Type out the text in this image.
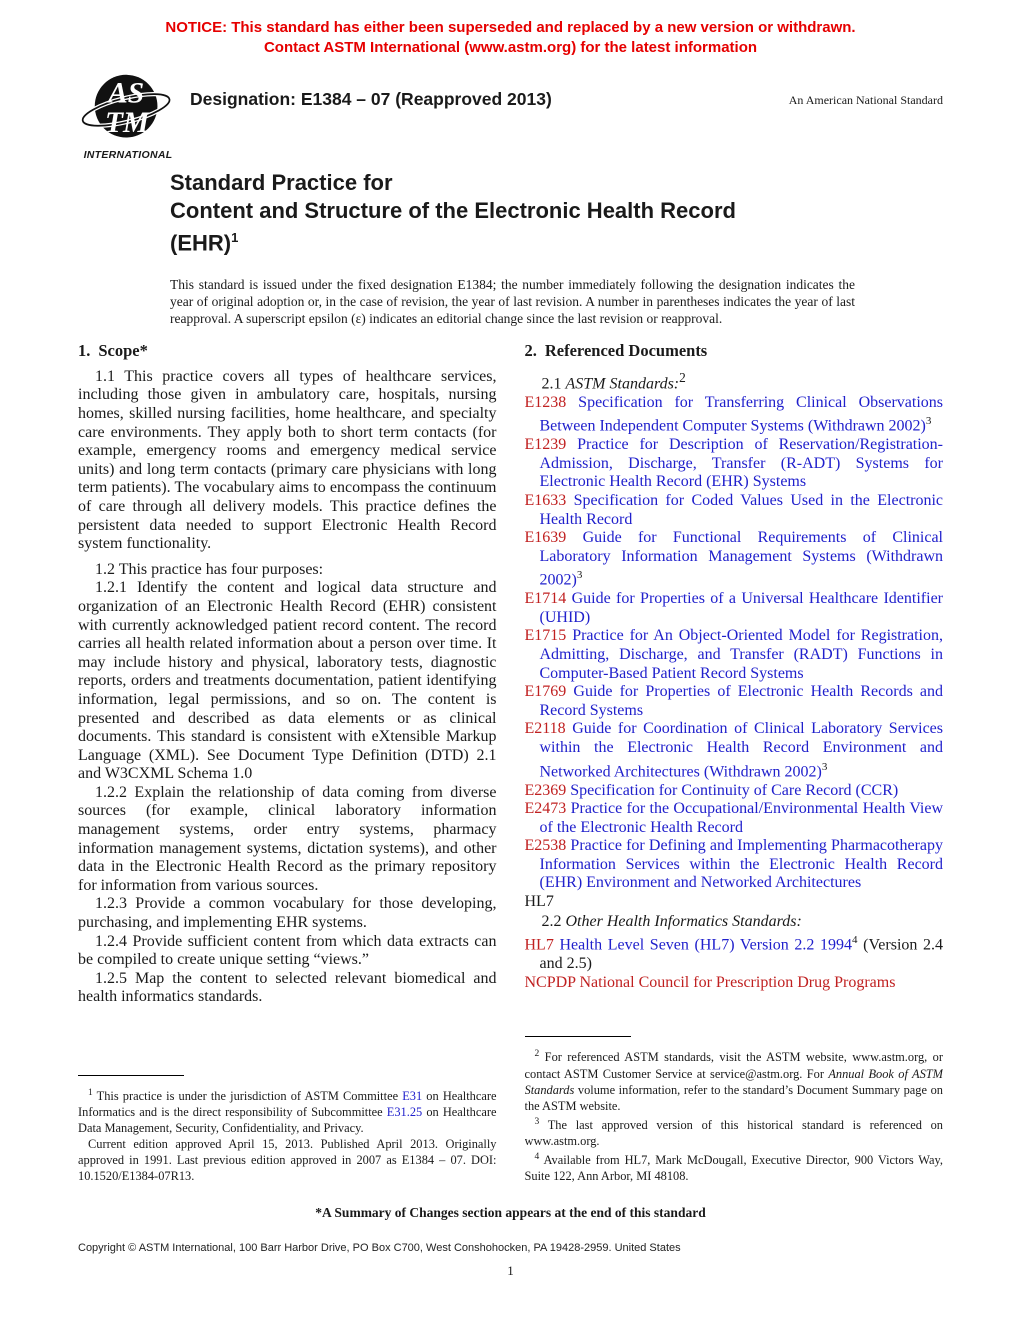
NOTICE: This standard has either been superseded and replaced by a new version or withdrawn.
Contact ASTM International (www.astm.org) for the latest information
AS
TM
INTERNATIONAL
Designation: E1384 – 07 (Reapproved 2013)	An American National Standard
Standard Practice for
Content and Structure of the Electronic Health Record
(EHR)$^1$
This standard is issued under the fixed designation E1384; the number immediately following the designation indicates the year of original adoption or, in the case of revision, the year of last revision. A number in parentheses indicates the year of last reapproval. A superscript epsilon (ε) indicates an editorial change since the last revision or reapproval.
1. Scope*

1.1 This practice covers all types of healthcare services, including those given in ambulatory care, hospitals, nursing homes, skilled nursing facilities, home healthcare, and specialty care environments. They apply both to short term contacts (for example, emergency rooms and emergency medical service units) and long term contacts (primary care physicians with long term patients). The vocabulary aims to encompass the continuum of care through all delivery models. This practice defines the persistent data needed to support Electronic Health Record system functionality.

1.2 This practice has four purposes:

1.2.1 Identify the content and logical data structure and organization of an Electronic Health Record (EHR) consistent with currently acknowledged patient record content. The record carries all health related information about a person over time. It may include history and physical, laboratory tests, diagnostic reports, orders and treatments documentation, patient identifying information, legal permissions, and so on. The content is presented and described as data elements or as clinical documents. This standard is consistent with eXtensible Markup Language (XML). See Document Type Definition (DTD) 2.1 and W3CXML Schema 1.0

1.2.2 Explain the relationship of data coming from diverse sources (for example, clinical laboratory information management systems, order entry systems, pharmacy information management systems, dictation systems), and other data in the Electronic Health Record as the primary repository for information from various sources.

1.2.3 Provide a common vocabulary for those developing, purchasing, and implementing EHR systems.

1.2.4 Provide sufficient content from which data extracts can be compiled to create unique setting “views.”

1.2.5 Map the content to selected relevant biomedical and health informatics standards.

$^1$ This practice is under the jurisdiction of ASTM Committee E31 on Healthcare Informatics and is the direct responsibility of Subcommittee E31.25 on Healthcare Data Management, Security, Confidentiality, and Privacy.

Current edition approved April 15, 2013. Published April 2013. Originally approved in 1991. Last previous edition approved in 2007 as E1384 – 07. DOI: 10.1520/E1384-07R13.

2. Referenced Documents

2.1 ASTM Standards:$^2$

E1238 Specification for Transferring Clinical Observations Between Independent Computer Systems (Withdrawn 2002)$^3$
E1239 Practice for Description of Reservation/Registration-Admission, Discharge, Transfer (R-ADT) Systems for Electronic Health Record (EHR) Systems
E1633 Specification for Coded Values Used in the Electronic Health Record
E1639 Guide for Functional Requirements of Clinical Laboratory Information Management Systems (Withdrawn 2002)$^3$
E1714 Guide for Properties of a Universal Healthcare Identifier (UHID)
E1715 Practice for An Object-Oriented Model for Registration, Admitting, Discharge, and Transfer (RADT) Functions in Computer-Based Patient Record Systems
E1769 Guide for Properties of Electronic Health Records and Record Systems
E2118 Guide for Coordination of Clinical Laboratory Services within the Electronic Health Record Environment and Networked Architectures (Withdrawn 2002)$^3$
E2369 Specification for Continuity of Care Record (CCR)
E2473 Practice for the Occupational/Environmental Health View of the Electronic Health Record
E2538 Practice for Defining and Implementing Pharmacotherapy Information Services within the Electronic Health Record (EHR) Environment and Networked Architectures

HL7

2.2 Other Health Informatics Standards:

HL7 Health Level Seven (HL7) Version 2.2 1994$^4$ (Version 2.4 and 2.5)
NCPDP National Council for Prescription Drug Programs

$^2$ For referenced ASTM standards, visit the ASTM website, www.astm.org, or contact ASTM Customer Service at service@astm.org. For Annual Book of ASTM Standards volume information, refer to the standard’s Document Summary page on the ASTM website.

$^3$ The last approved version of this historical standard is referenced on www.astm.org.

$^4$ Available from HL7, Mark McDougall, Executive Director, 900 Victors Way, Suite 122, Ann Arbor, MI 48108.

*A Summary of Changes section appears at the end of this standard
Copyright © ASTM International, 100 Barr Harbor Drive, PO Box C700, West Conshohocken, PA 19428-2959. United States
1
